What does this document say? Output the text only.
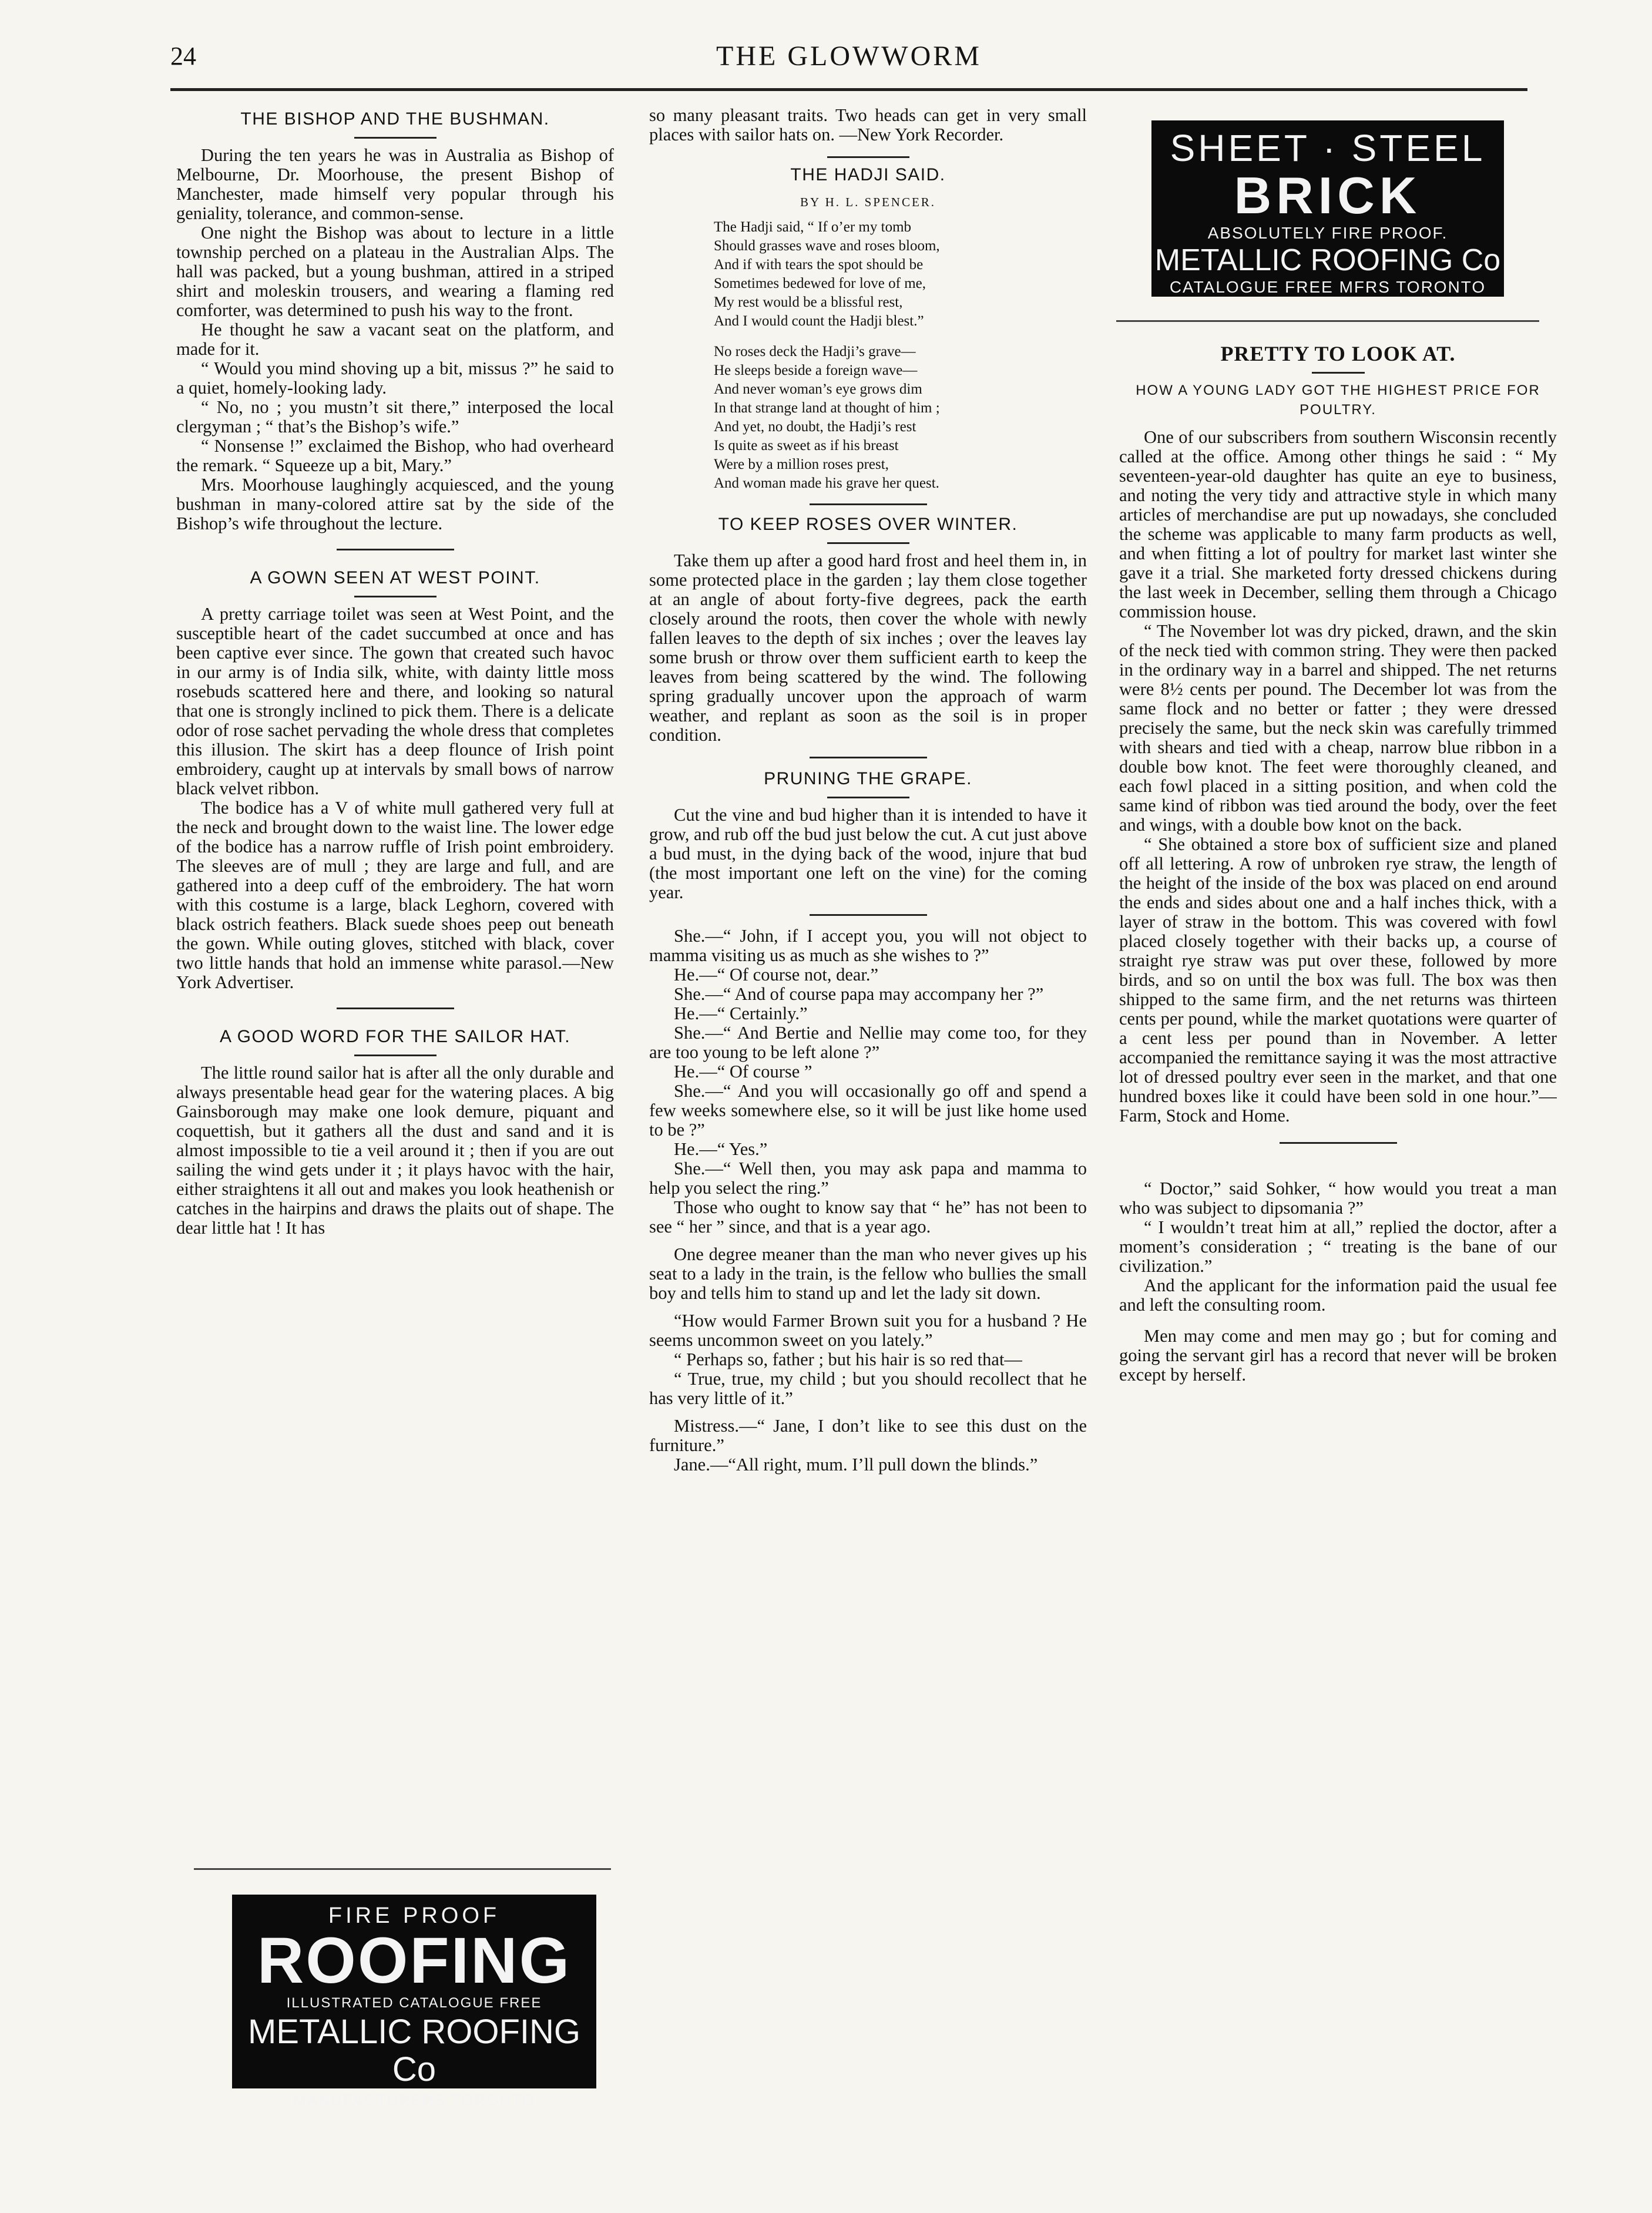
24	THE GLOWWORM
THE BISHOP AND THE BUSHMAN.

During the ten years he was in Australia as Bishop of Melbourne, Dr. Moorhouse, the present Bishop of Manchester, made himself very popular through his geniality, tolerance, and common-sense.

One night the Bishop was about to lecture in a little township perched on a plateau in the Australian Alps. The hall was packed, but a young bushman, attired in a striped shirt and moleskin trousers, and wearing a flaming red comforter, was determined to push his way to the front.

He thought he saw a vacant seat on the platform, and made for it.

“ Would you mind shoving up a bit, missus ?” he said to a quiet, homely-looking lady.

“ No, no ; you mustn’t sit there,” interposed the local clergyman ; “ that’s the Bishop’s wife.”

“ Nonsense !” exclaimed the Bishop, who had overheard the remark. “ Squeeze up a bit, Mary.”

Mrs. Moorhouse laughingly acquiesced, and the young bushman in many-colored attire sat by the side of the Bishop’s wife throughout the lecture.

A GOWN SEEN AT WEST POINT.

A pretty carriage toilet was seen at West Point, and the susceptible heart of the cadet succumbed at once and has been captive ever since. The gown that created such havoc in our army is of India silk, white, with dainty little moss rosebuds scattered here and there, and looking so natural that one is strongly inclined to pick them. There is a delicate odor of rose sachet pervading the whole dress that completes this illusion. The skirt has a deep flounce of Irish point embroidery, caught up at intervals by small bows of narrow black velvet ribbon.

The bodice has a V of white mull gathered very full at the neck and brought down to the waist line. The lower edge of the bodice has a narrow ruffle of Irish point embroidery. The sleeves are of mull ; they are large and full, and are gathered into a deep cuff of the embroidery. The hat worn with this costume is a large, black Leghorn, covered with black ostrich feathers. Black suede shoes peep out beneath the gown. While outing gloves, stitched with black, cover two little hands that hold an immense white parasol.—New York Advertiser.

A GOOD WORD FOR THE SAILOR HAT.

The little round sailor hat is after all the only durable and always presentable head gear for the watering places. A big Gainsborough may make one look demure, piquant and coquettish, but it gathers all the dust and sand and it is almost impossible to tie a veil around it ; then if you are out sailing the wind gets under it ; it plays havoc with the hair, either straightens it all out and makes you look heathenish or catches in the hairpins and draws the plaits out of shape. The dear little hat ! It has

FIRE PROOF
ROOFING
ILLUSTRATED CATALOGUE FREE
METALLIC ROOFING Co
MANUFACTURERS TORONTO

so many pleasant traits. Two heads can get in very small places with sailor hats on. —New York Recorder.

THE HADJI SAID.
BY H. L. SPENCER.
The Hadji said, “ If o’er my tomb
Should grasses wave and roses bloom,
And if with tears the spot should be
Sometimes bedewed for love of me,
My rest would be a blissful rest,
And I would count the Hadji blest.”
No roses deck the Hadji’s grave—
He sleeps beside a foreign wave—
And never woman’s eye grows dim
In that strange land at thought of him ;
And yet, no doubt, the Hadji’s rest
Is quite as sweet as if his breast
Were by a million roses prest,
And woman made his grave her quest.
TO KEEP ROSES OVER WINTER.

Take them up after a good hard frost and heel them in, in some protected place in the garden ; lay them close together at an angle of about forty-five degrees, pack the earth closely around the roots, then cover the whole with newly fallen leaves to the depth of six inches ; over the leaves lay some brush or throw over them sufficient earth to keep the leaves from being scattered by the wind. The following spring gradually uncover upon the approach of warm weather, and replant as soon as the soil is in proper condition.

PRUNING THE GRAPE.

Cut the vine and bud higher than it is intended to have it grow, and rub off the bud just below the cut. A cut just above a bud must, in the dying back of the wood, injure that bud (the most important one left on the vine) for the coming year.

She.—“ John, if I accept you, you will not object to mamma visiting us as much as she wishes to ?”

He.—“ Of course not, dear.”

She.—“ And of course papa may accompany her ?”

He.—“ Certainly.”

She.—“ And Bertie and Nellie may come too, for they are too young to be left alone ?”

He.—“ Of course ”

She.—“ And you will occasionally go off and spend a few weeks somewhere else, so it will be just like home used to be ?”

He.—“ Yes.”

She.—“ Well then, you may ask papa and mamma to help you select the ring.”

Those who ought to know say that “ he” has not been to see “ her ” since, and that is a year ago.

One degree meaner than the man who never gives up his seat to a lady in the train, is the fellow who bullies the small boy and tells him to stand up and let the lady sit down.

“How would Farmer Brown suit you for a husband ? He seems uncommon sweet on you lately.”

“ Perhaps so, father ; but his hair is so red that—

“ True, true, my child ; but you should recollect that he has very little of it.”

Mistress.—“ Jane, I don’t like to see this dust on the furniture.”

Jane.—“All right, mum. I’ll pull down the blinds.”

SHEET · STEEL
BRICK
ABSOLUTELY FIRE PROOF.
METALLIC ROOFING Co
CATALOGUE FREE MFRS TORONTO
PRETTY TO LOOK AT.
HOW A YOUNG LADY GOT THE HIGHEST PRICE FOR POULTRY.

One of our subscribers from southern Wisconsin recently called at the office. Among other things he said : “ My seventeen-year-old daughter has quite an eye to business, and noting the very tidy and attractive style in which many articles of merchandise are put up nowadays, she concluded the scheme was applicable to many farm products as well, and when fitting a lot of poultry for market last winter she gave it a trial. She marketed forty dressed chickens during the last week in December, selling them through a Chicago commission house.

“ The November lot was dry picked, drawn, and the skin of the neck tied with common string. They were then packed in the ordinary way in a barrel and shipped. The net returns were 8½ cents per pound. The December lot was from the same flock and no better or fatter ; they were dressed precisely the same, but the neck skin was carefully trimmed with shears and tied with a cheap, narrow blue ribbon in a double bow knot. The feet were thoroughly cleaned, and each fowl placed in a sitting position, and when cold the same kind of ribbon was tied around the body, over the feet and wings, with a double bow knot on the back.

“ She obtained a store box of sufficient size and planed off all lettering. A row of unbroken rye straw, the length of the height of the inside of the box was placed on end around the ends and sides about one and a half inches thick, with a layer of straw in the bottom. This was covered with fowl placed closely together with their backs up, a course of straight rye straw was put over these, followed by more birds, and so on until the box was full. The box was then shipped to the same firm, and the net returns was thirteen cents per pound, while the market quotations were quarter of a cent less per pound than in November. A letter accompanied the remittance saying it was the most attractive lot of dressed poultry ever seen in the market, and that one hundred boxes like it could have been sold in one hour.”—Farm, Stock and Home.

“ Doctor,” said Sohker, “ how would you treat a man who was subject to dipsomania ?”

“ I wouldn’t treat him at all,” replied the doctor, after a moment’s consideration ; “ treating is the bane of our civilization.”

And the applicant for the information paid the usual fee and left the consulting room.

Men may come and men may go ; but for coming and going the servant girl has a record that never will be broken except by herself.
